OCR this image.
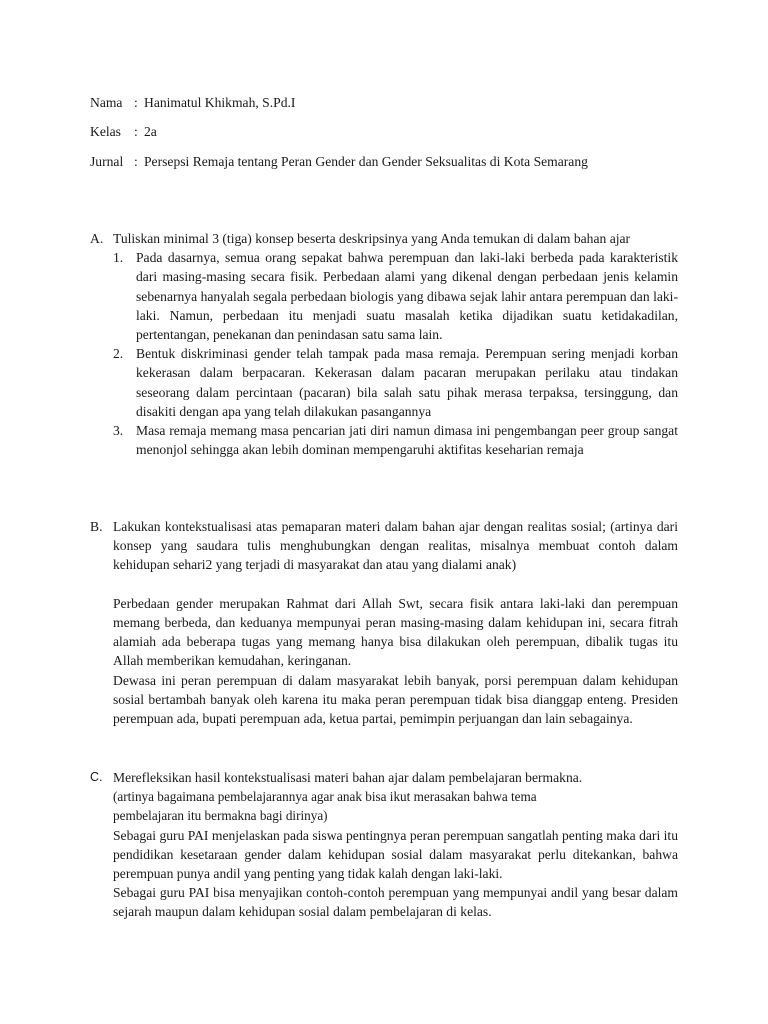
Nama : Hanimatul Khikmah, S.Pd.I
Kelas : 2a
Jurnal : Persepsi Remaja tentang Peran Gender dan Gender Seksualitas di Kota Semarang
A. Tuliskan minimal 3 (tiga) konsep beserta deskripsinya yang Anda temukan di dalam bahan ajar
1. Pada dasarnya, semua orang sepakat bahwa perempuan dan laki-laki berbeda pada karakteristik dari masing-masing secara fisik. Perbedaan alami yang dikenal dengan perbedaan jenis kelamin sebenarnya hanyalah segala perbedaan biologis yang dibawa sejak lahir antara perempuan dan laki-laki. Namun, perbedaan itu menjadi suatu masalah ketika dijadikan suatu ketidakadilan, pertentangan, penekanan dan penindasan satu sama lain.
2. Bentuk diskriminasi gender telah tampak pada masa remaja. Perempuan sering menjadi korban kekerasan dalam berpacaran. Kekerasan dalam pacaran merupakan perilaku atau tindakan seseorang dalam percintaan (pacaran) bila salah satu pihak merasa terpaksa, tersinggung, dan disakiti dengan apa yang telah dilakukan pasangannya
3. Masa remaja memang masa pencarian jati diri namun dimasa ini pengembangan peer group sangat menonjol sehingga akan lebih dominan mempengaruhi aktifitas keseharian remaja
B. Lakukan kontekstualisasi atas pemaparan materi dalam bahan ajar dengan realitas sosial; (artinya dari konsep yang saudara tulis menghubungkan dengan realitas, misalnya membuat contoh dalam kehidupan sehari2 yang terjadi di masyarakat dan atau yang dialami anak)
Perbedaan gender merupakan Rahmat dari Allah Swt, secara fisik antara laki-laki dan perempuan memang berbeda, dan keduanya mempunyai peran masing-masing dalam kehidupan ini, secara fitrah alamiah ada beberapa tugas yang memang hanya bisa dilakukan oleh perempuan, dibalik tugas itu Allah memberikan kemudahan, keringanan.
Dewasa ini peran perempuan di dalam masyarakat lebih banyak, porsi perempuan dalam kehidupan sosial bertambah banyak oleh karena itu maka peran perempuan tidak bisa dianggap enteng. Presiden perempuan ada, bupati perempuan ada, ketua partai, pemimpin perjuangan dan lain sebagainya.
C. Merefleksikan hasil kontekstualisasi materi bahan ajar dalam pembelajaran bermakna.
(artinya bagaimana pembelajarannya agar anak bisa ikut merasakan bahwa tema pembelajaran itu bermakna bagi dirinya)
Sebagai guru PAI menjelaskan pada siswa pentingnya peran perempuan sangatlah penting maka dari itu pendidikan kesetaraan gender dalam kehidupan sosial dalam masyarakat perlu ditekankan, bahwa perempuan punya andil yang penting yang tidak kalah dengan laki-laki.
Sebagai guru PAI bisa menyajikan contoh-contoh perempuan yang mempunyai andil yang besar dalam sejarah maupun dalam kehidupan sosial dalam pembelajaran di kelas.
